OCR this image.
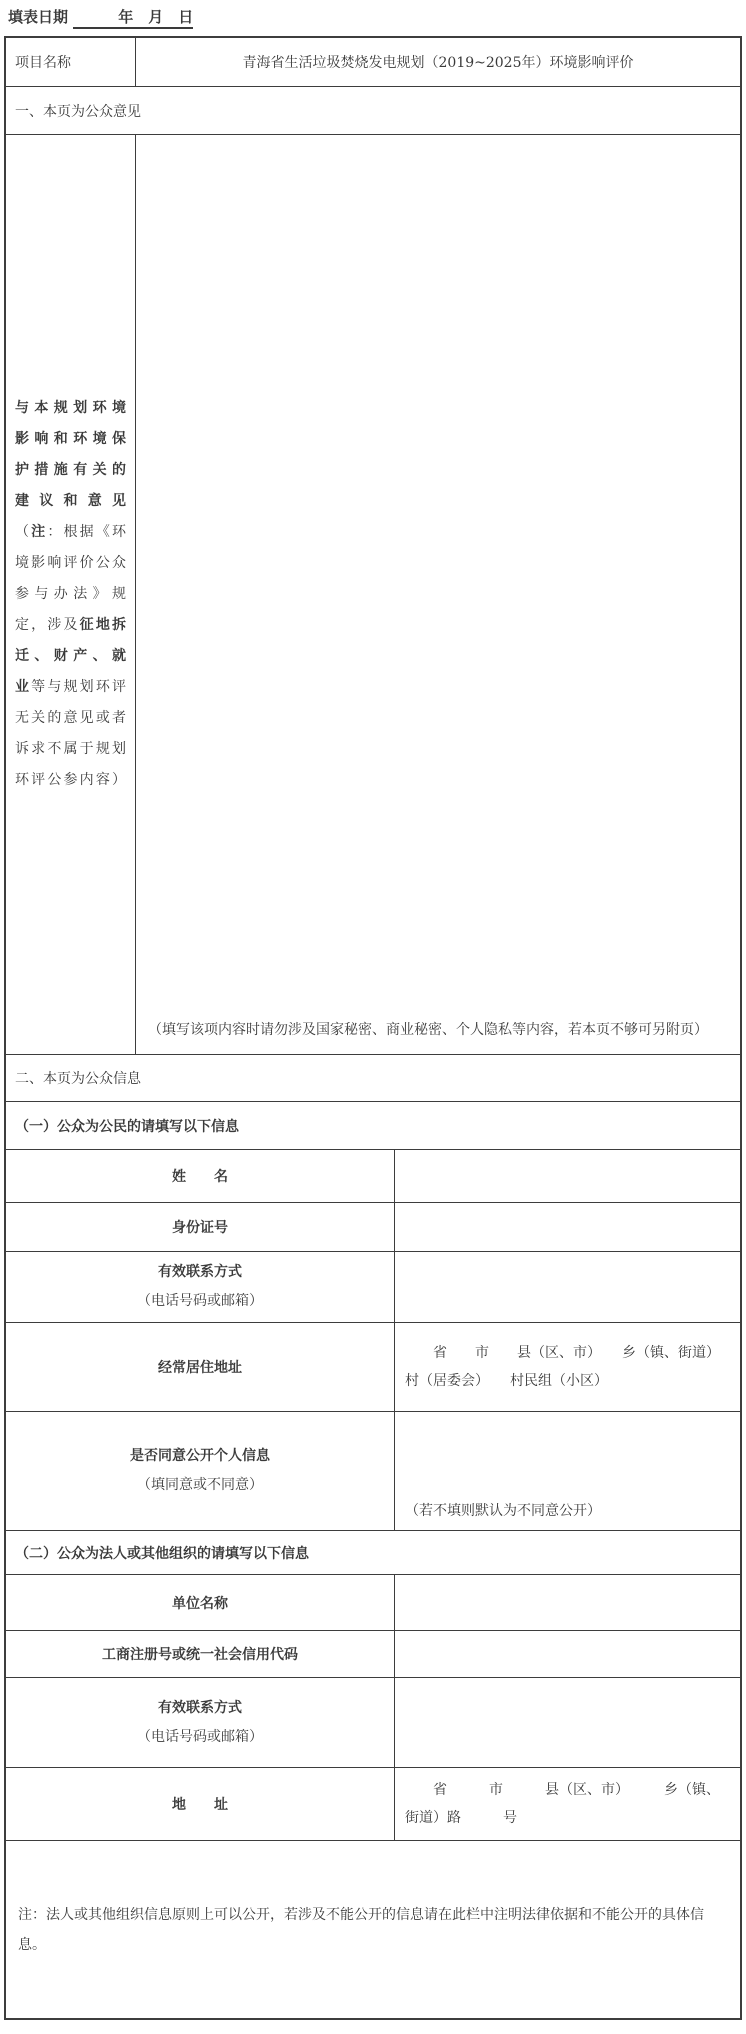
填表日期 　　　年　月　日
项目名称	青海省生活垃圾焚烧发电规划（2019~2025年）环境影响评价
一、本页为公众意见
与本规划环境
影响和环境保
护措施有关的
建议和意见
（注：根据《环
境影响评价公众
参与办法》规
定，涉及征地拆
迁、财产、就
业等与规划环评
无关的意见或者
诉求不属于规划
环评公参内容）
（填写该项内容时请勿涉及国家秘密、商业秘密、个人隐私等内容，若本页不够可另附页）
二、本页为公众信息
（一）公众为公民的请填写以下信息
姓　　名
身份证号
有效联系方式
（电话号码或邮箱）
经常居住地址
　　省　　市　　县（区、市）　　乡（镇、街道）　　村（居委会）　　村民组（小区）
是否同意公开个人信息
（填同意或不同意）
（若不填则默认为不同意公开）
（二）公众为法人或其他组织的请填写以下信息
单位名称
工商注册号或统一社会信用代码
有效联系方式
（电话号码或邮箱）
地　　址
　　省　　　市　　　县（区、市）　　　乡（镇、街道）路　　　号
注：法人或其他组织信息原则上可以公开，若涉及不能公开的信息请在此栏中注明法律依据和不能公开的具体信息。
